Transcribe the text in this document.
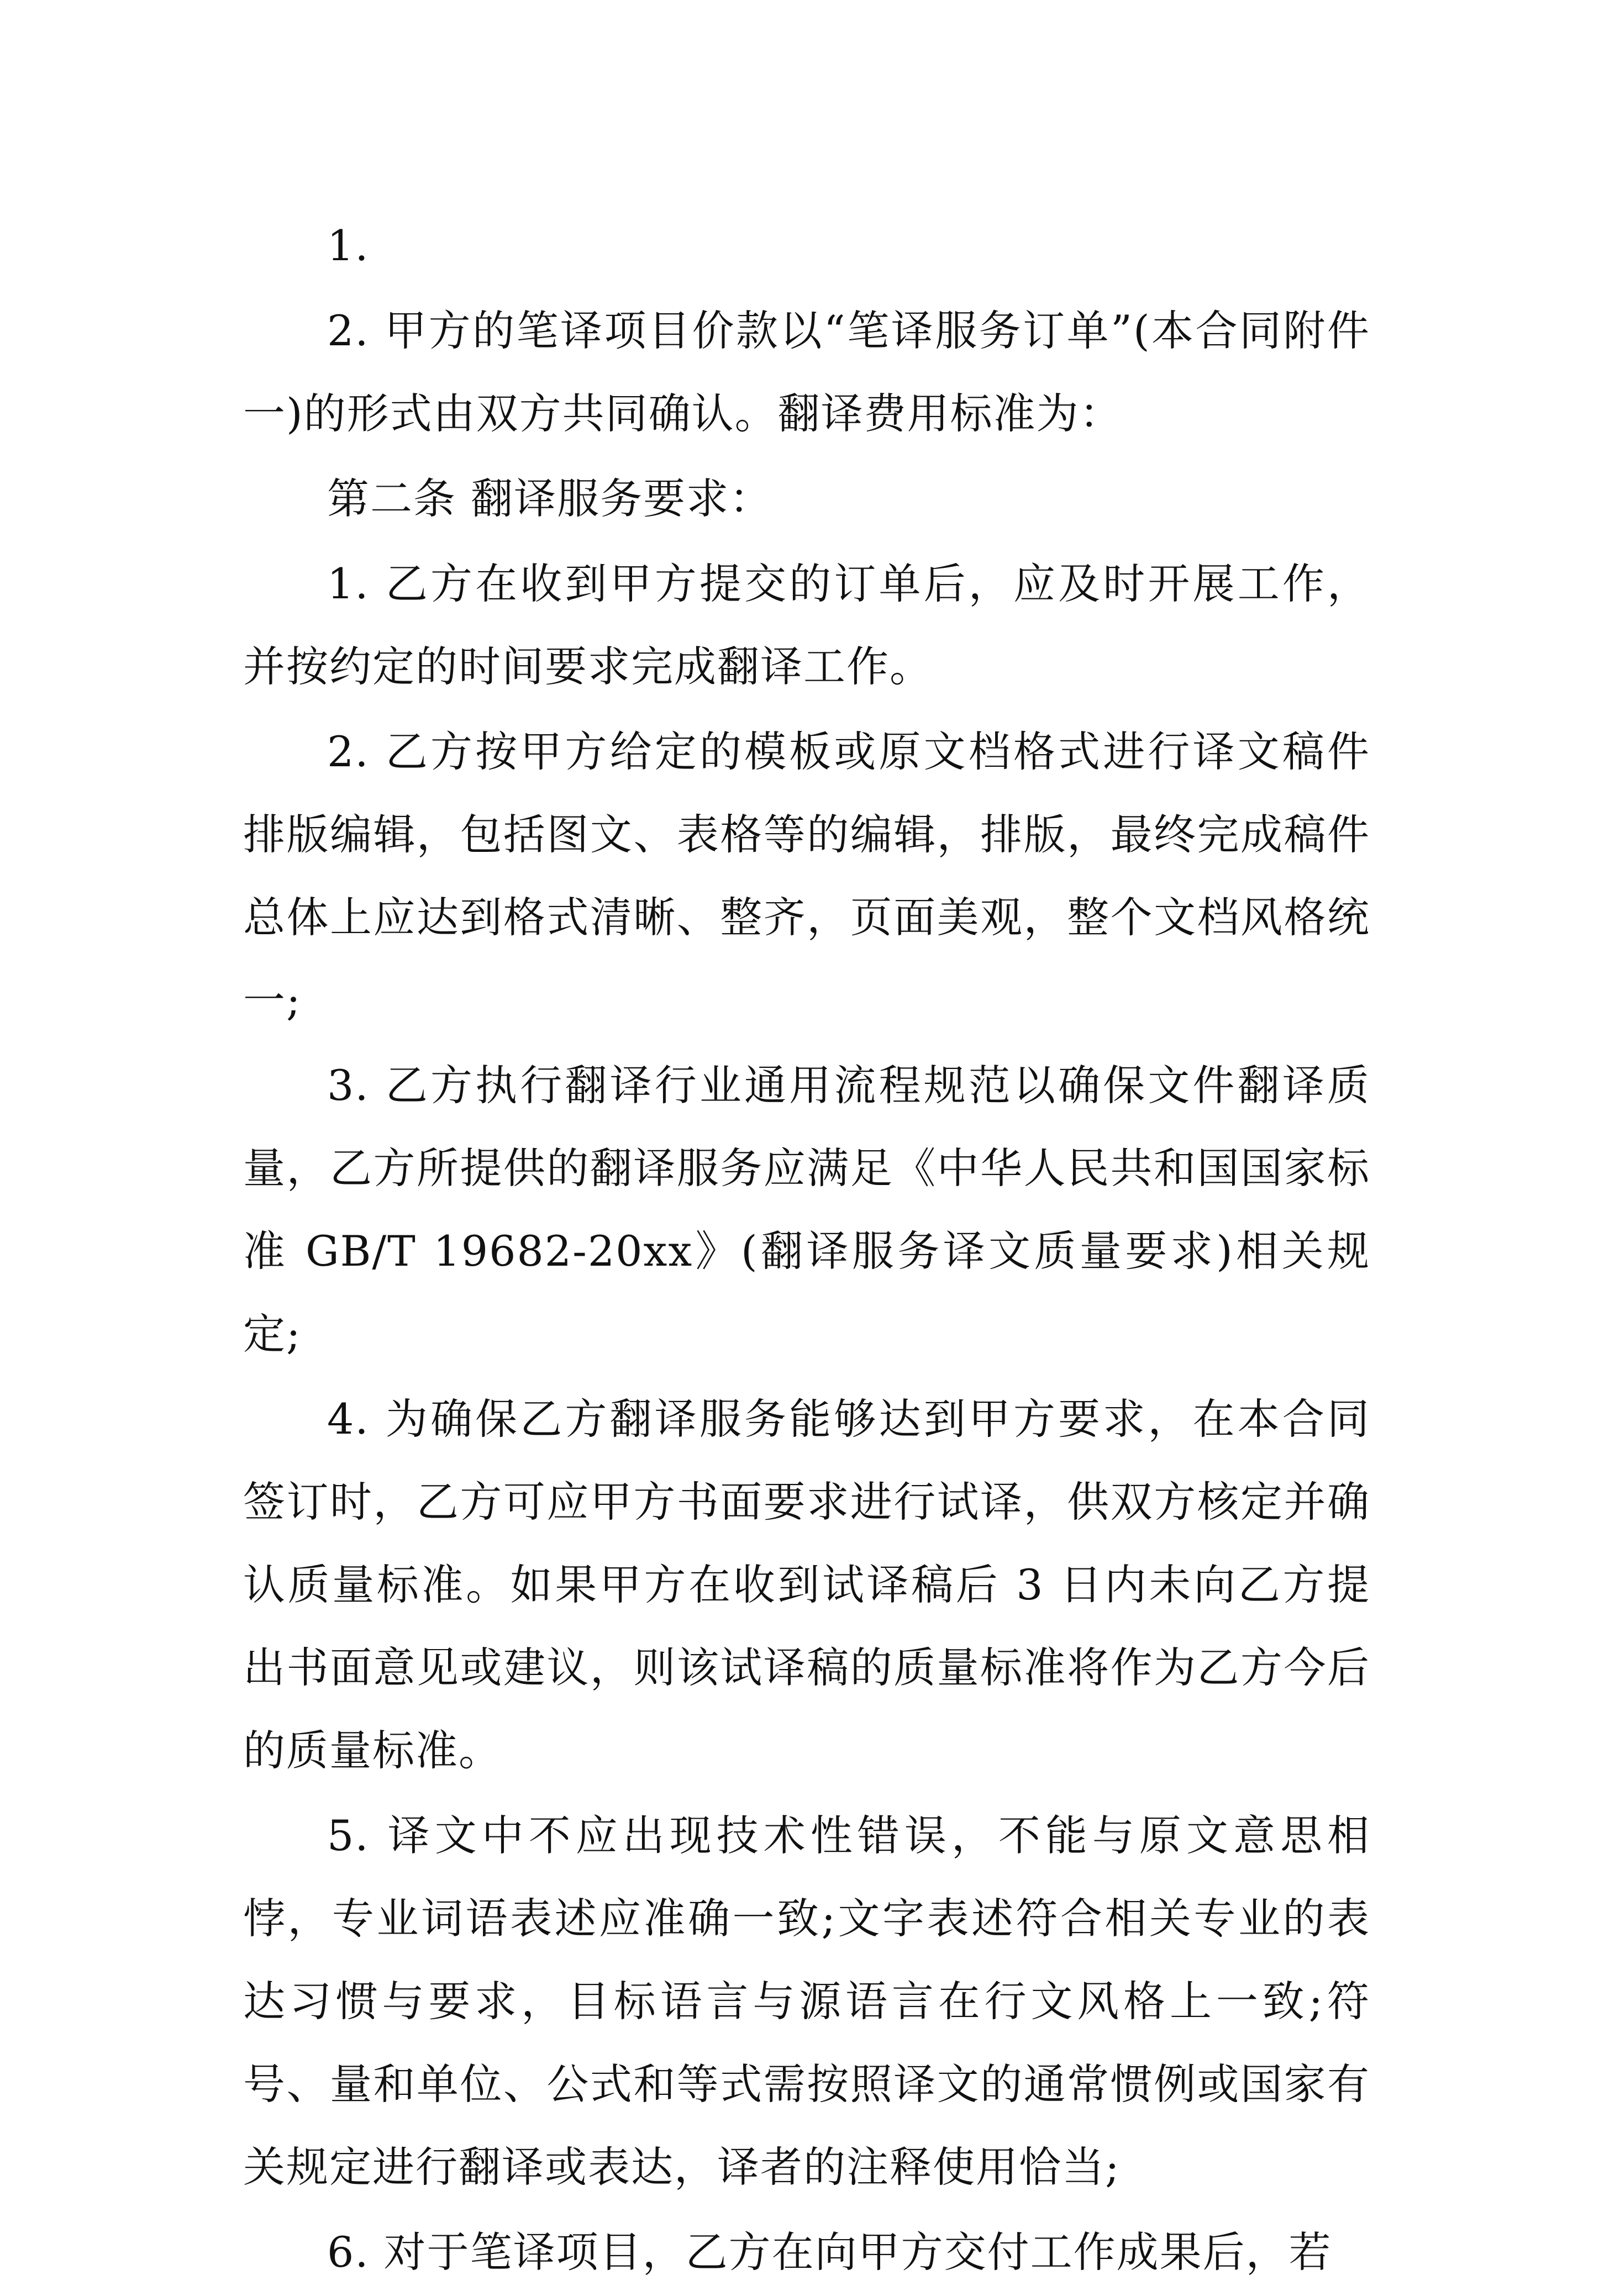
1.

2. 甲方的笔译项目价款以“笔译服务订单”(本合同附件一)的形式由双方共同确认。翻译费用标准为：

第二条 翻译服务要求：

1. 乙方在收到甲方提交的订单后，应及时开展工作，并按约定的时间要求完成翻译工作。

2. 乙方按甲方给定的模板或原文档格式进行译文稿件排版编辑，包括图文、表格等的编辑，排版，最终完成稿件总体上应达到格式清晰、整齐，页面美观，整个文档风格统一;

3. 乙方执行翻译行业通用流程规范以确保文件翻译质量，乙方所提供的翻译服务应满足《中华人民共和国国家标准 GB/T 19682-20xx》(翻译服务译文质量要求)相关规定;

4. 为确保乙方翻译服务能够达到甲方要求，在本合同签订时，乙方可应甲方书面要求进行试译，供双方核定并确认质量标准。如果甲方在收到试译稿后 3 日内未向乙方提出书面意见或建议，则该试译稿的质量标准将作为乙方今后的质量标准。

5. 译文中不应出现技术性错误，不能与原文意思相悖，专业词语表述应准确一致;文字表述符合相关专业的表达习惯与要求，目标语言与源语言在行文风格上一致;符号、量和单位、公式和等式需按照译文的通常惯例或国家有关规定进行翻译或表达，译者的注释使用恰当;

6. 对于笔译项目，乙方在向甲方交付工作成果后，若
